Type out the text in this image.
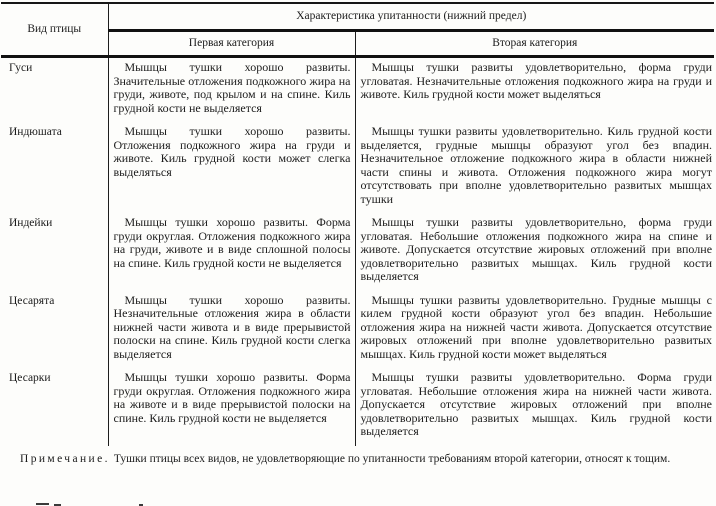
Вид птицы	Характеристика упитанности (нижний предел)	
	Первая категория	Вторая категория
Гуси	Мышцы тушки хорошо развиты. Значительные отложения подкожного жира на груди, животе, под крылом и на спине. Киль грудной кости не выделяется	Мышцы тушки развиты удовлетворительно, форма груди угловатая. Незначительные отложения подкожного жира на груди и животе. Киль грудной кости может выделяться
Индюшата	Мышцы тушки хорошо развиты. Отложения подкожного жира на груди и животе. Киль грудной кости может слегка выделяться	Мышцы тушки развиты удовлетворительно. Киль грудной кости выделяется, грудные мышцы образуют угол без впадин. Незначительное отложение подкожного жира в области нижней части спины и живота. Отложения подкожного жира могут отсутствовать при вполне удовлетворительно развитых мышцах тушки
Индейки	Мышцы тушки хорошо развиты. Форма груди округлая. Отложения подкожного жира на груди, животе и в виде сплошной полосы на спине. Киль грудной кости не выделяется	Мышцы тушки развиты удовлетворительно, форма груди угловатая. Небольшие отложения подкожного жира на спине и животе. Допускается отсутствие жировых отложений при вполне удовлетворительно развитых мышцах. Киль грудной кости выделяется
Цесарята	Мышцы тушки хорошо развиты. Незначительные отложения жира в области нижней части живота и в виде прерывистой полоски на спине. Киль грудной кости слегка выделяется	Мышцы тушки развиты удовлетворительно. Грудные мышцы с килем грудной кости образуют угол без впадин. Небольшие отложения жира на нижней части живота. Допускается отсутствие жировых отложений при вполне удовлетворительно развитых мышцах. Киль грудной кости может выделяться
Цесарки	Мышцы тушки хорошо развиты. Форма груди округлая. Отложения подкожного жира на животе и в виде прерывистой полоски на спине. Киль грудной кости не выделяется	Мышцы тушки развиты удовлетворительно. Форма груди угловатая. Небольшие отложения жира на нижней части живота. Допускается отсутствие жировых отложений при вполне удовлетворительно развитых мышцах. Киль грудной кости выделяется

Примечание. Тушки птицы всех видов, не удовлетворяющие по упитанности требованиям второй категории, относят к тощим.
